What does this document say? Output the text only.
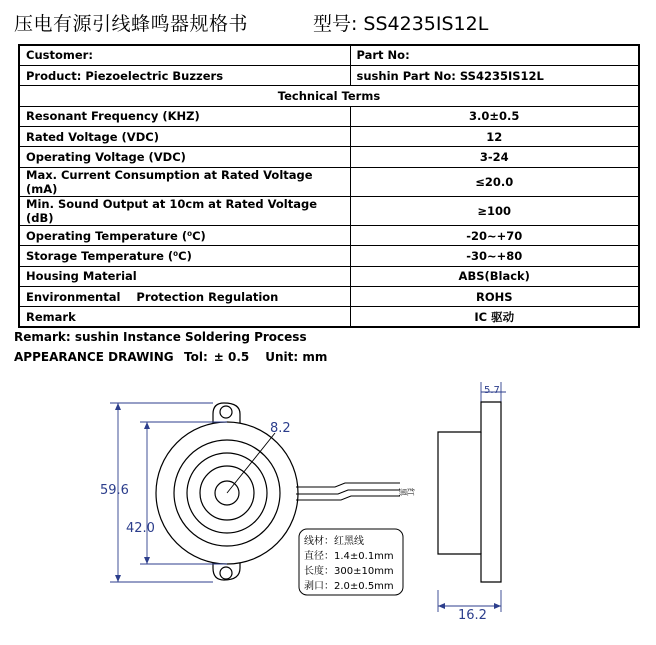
压电有源引线蜂鸣器规格书	型号: SS4235IS12L
Customer:	Part No:
Product: Piezoelectric Buzzers	sushin Part No: SS4235IS12L
Technical Terms	
Resonant Frequency (KHZ)	3.0±0.5
Rated Voltage (VDC)	12
Operating Voltage (VDC)	3-24
Max. Current Consumption at Rated Voltage (mA)	≤20.0
Min. Sound Output at 10cm at Rated Voltage (dB)	≥100
Operating Temperature (⁰C)	-20~+70
Storage Temperature (⁰C)	-30~+80
Housing Material	ABS(Black)
Environmental    Protection Regulation	ROHS
Remark	IC 驱动
Remark: sushin Instance Soldering Process
APPEARANCE DRAWING Tol: ± 0.5 Unit: mm
59.6
42.0
8.2
5.7
16.2
黑 红
线材：红黑线
直径：1.4±0.1mm
长度：300±10mm
剥口：2.0±0.5mm
